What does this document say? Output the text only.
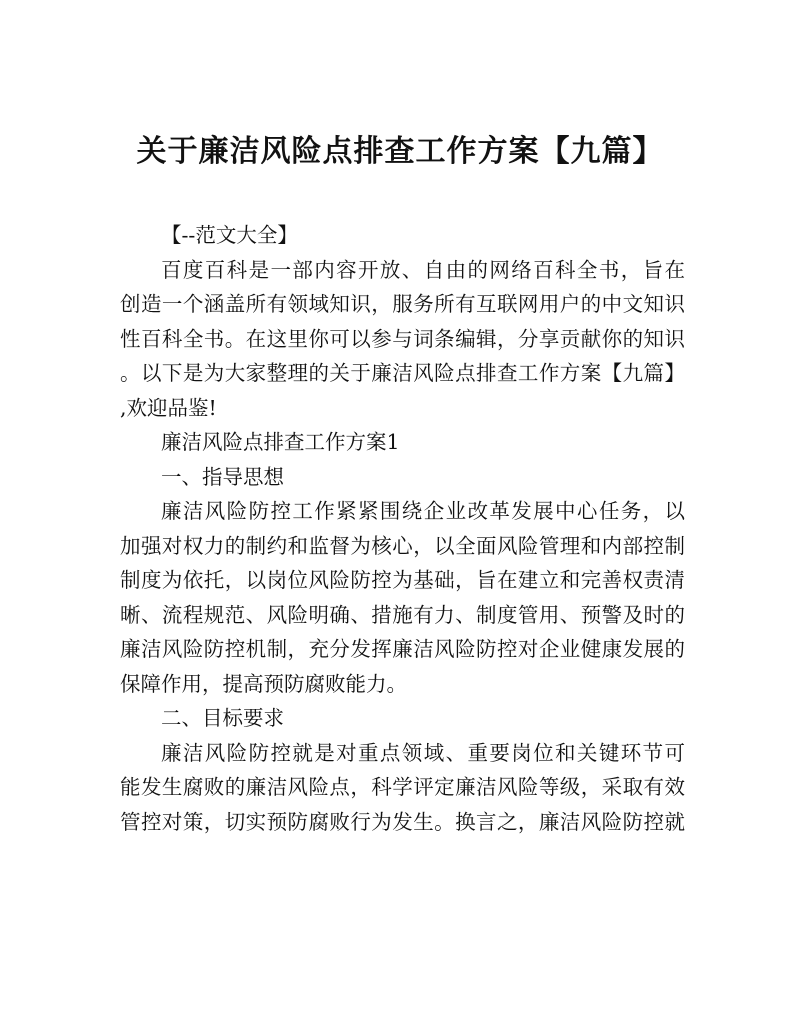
关于廉洁风险点排查工作方案【九篇】
【--范文大全】
百度百科是一部内容开放、自由的网络百科全书，旨在
创造一个涵盖所有领域知识，服务所有互联网用户的中文知识
性百科全书。在这里你可以参与词条编辑，分享贡献你的知识
。以下是为大家整理的关于廉洁风险点排查工作方案【九篇】
,欢迎品鉴!
廉洁风险点排查工作方案1
一、指导思想
廉洁风险防控工作紧紧围绕企业改革发展中心任务，以
加强对权力的制约和监督为核心，以全面风险管理和内部控制
制度为依托，以岗位风险防控为基础，旨在建立和完善权责清
晰、流程规范、风险明确、措施有力、制度管用、预警及时的
廉洁风险防控机制，充分发挥廉洁风险防控对企业健康发展的
保障作用，提高预防腐败能力。
二、目标要求
廉洁风险防控就是对重点领域、重要岗位和关键环节可
能发生腐败的廉洁风险点，科学评定廉洁风险等级，采取有效
管控对策，切实预防腐败行为发生。换言之，廉洁风险防控就
